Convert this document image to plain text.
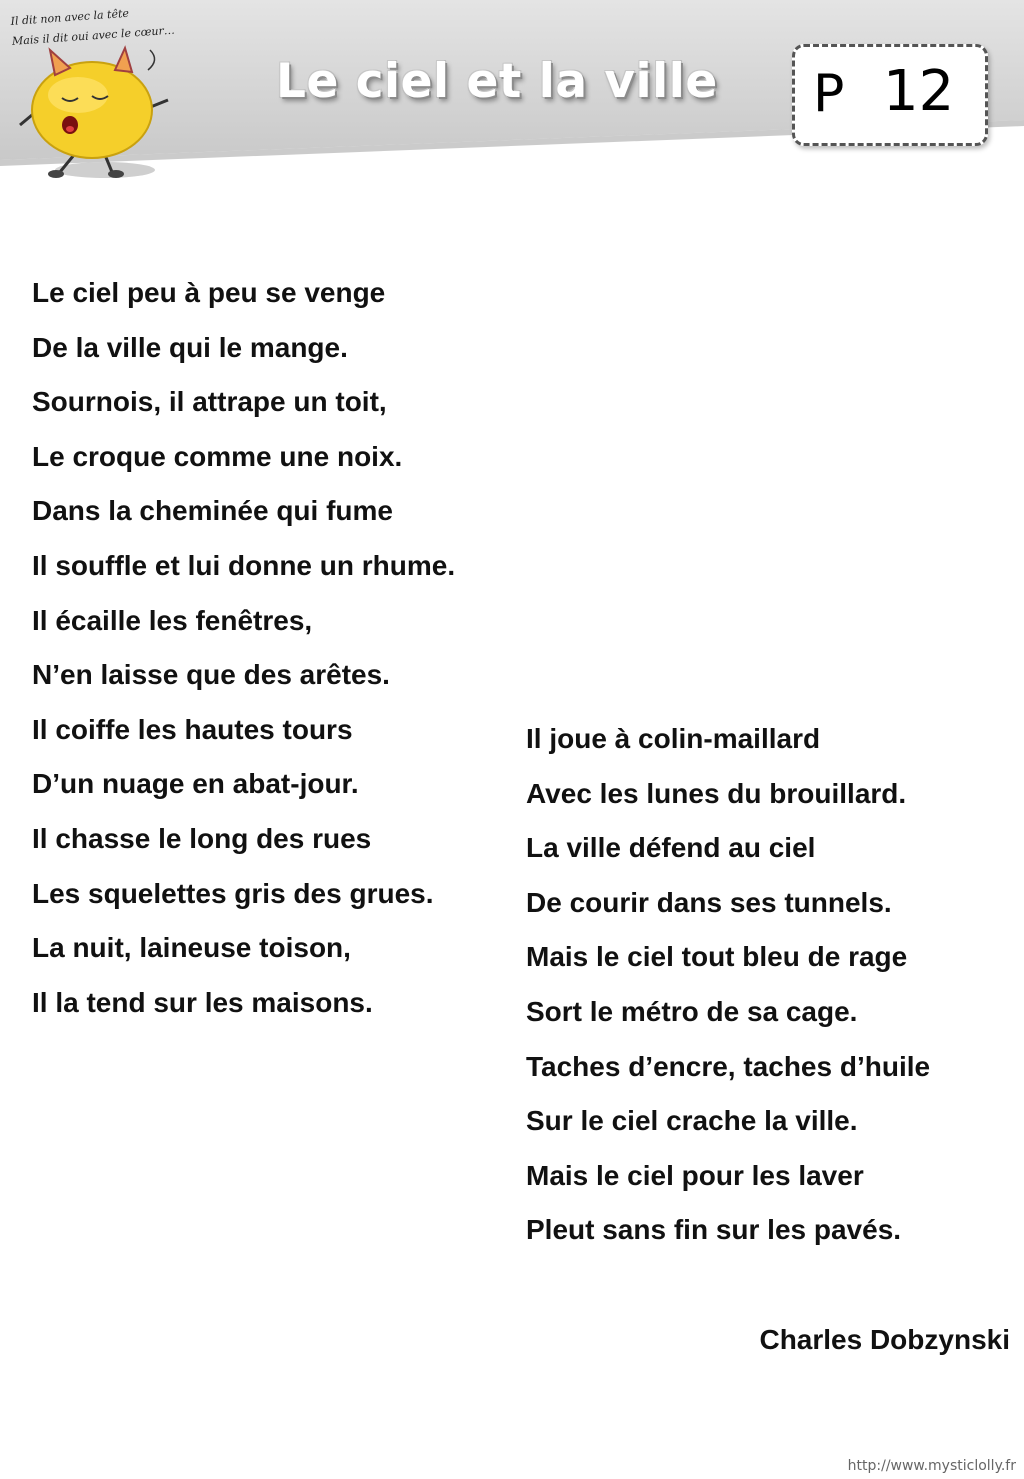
Il dit non avec la tête
Mais il dit oui avec le cœur…
Le ciel et la ville P 12
Le ciel peu à peu se venge
De la ville qui le mange.
Sournois, il attrape un toit,
Le croque comme une noix.
Dans la cheminée qui fume
Il souffle et lui donne un rhume.
Il écaille les fenêtres,
N’en laisse que des arêtes.
Il coiffe les hautes tours
D’un nuage en abat-jour.
Il chasse le long des rues
Les squelettes gris des grues.
La nuit, laineuse toison,
Il la tend sur les maisons.
Il joue à colin-maillard
Avec les lunes du brouillard.
La ville défend au ciel
De courir dans ses tunnels.
Mais le ciel tout bleu de rage
Sort le métro de sa cage.
Taches d’encre, taches d’huile
Sur le ciel crache la ville.
Mais le ciel pour les laver
Pleut sans fin sur les pavés.
Charles Dobzynski
http://www.mysticlolly.fr
